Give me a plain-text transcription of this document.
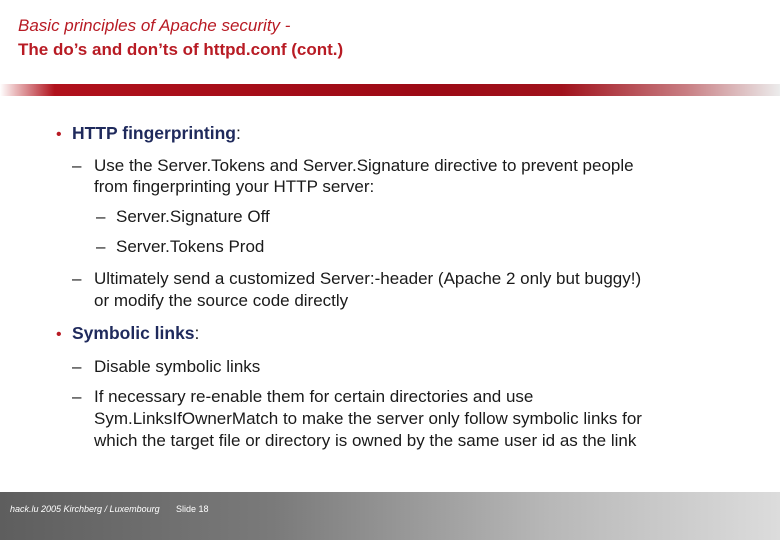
Basic principles of Apache security -
The do’s and don’ts of httpd.conf (cont.)
• HTTP fingerprinting:
– Use the Server.Tokens and Server.Signature directive to prevent people
from fingerprinting your HTTP server:
– Server.Signature Off
– Server.Tokens Prod
– Ultimately send a customized Server:-header (Apache 2 only but buggy!)
or modify the source code directly
• Symbolic links:
– Disable symbolic links
– If necessary re-enable them for certain directories and use
Sym.LinksIfOwnerMatch to make the server only follow symbolic links for
which the target file or directory is owned by the same user id as the link
hack.lu 2005 Kirchberg / Luxembourg Slide 18
